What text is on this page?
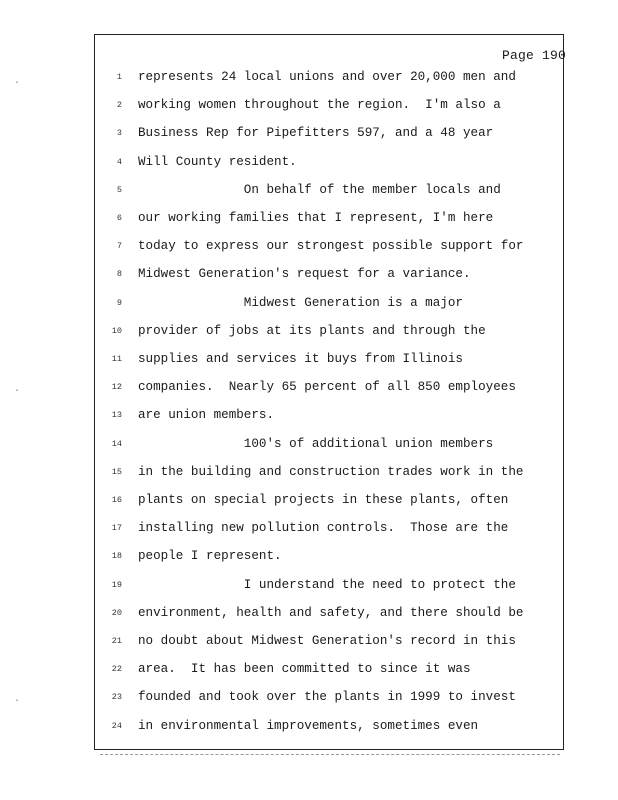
·
·
·
Page 190
1 represents 24 local unions and over 20,000 men and
2 working women throughout the region.  I'm also a
3 Business Rep for Pipefitters 597, and a 48 year
4 Will County resident.
5 On behalf of the member locals and
6 our working families that I represent, I'm here
7 today to express our strongest possible support for
8 Midwest Generation's request for a variance.
9 Midwest Generation is a major
10 provider of jobs at its plants and through the
11 supplies and services it buys from Illinois
12 companies.  Nearly 65 percent of all 850 employees
13 are union members.
14 100's of additional union members
15 in the building and construction trades work in the
16 plants on special projects in these plants, often
17 installing new pollution controls.  Those are the
18 people I represent.
19 I understand the need to protect the
20 environment, health and safety, and there should be
21 no doubt about Midwest Generation's record in this
22 area.  It has been committed to since it was
23 founded and took over the plants in 1999 to invest
24 in environmental improvements, sometimes even
